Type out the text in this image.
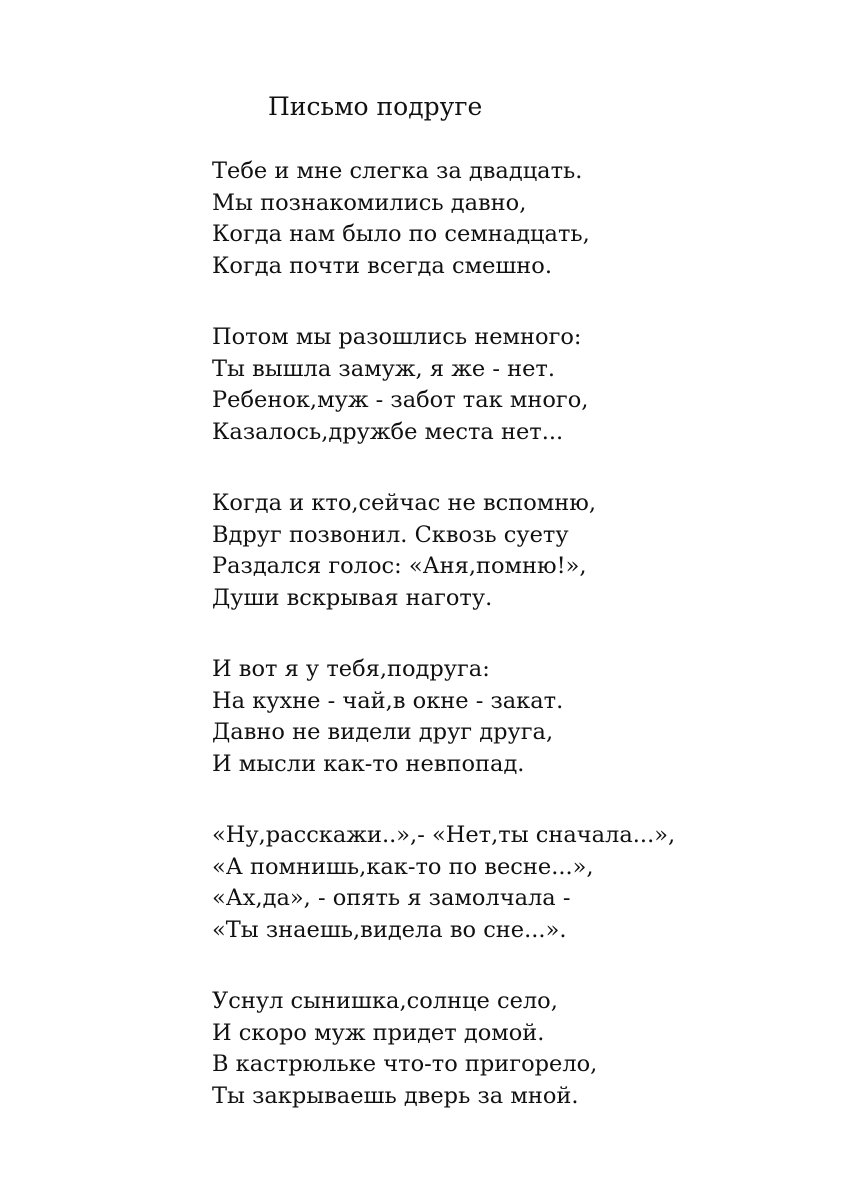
Письмо подруге
Тебе и мне слегка за двадцать.
Мы познакомились давно,
Когда нам было по семнадцать,
Когда почти всегда смешно.
Потом мы разошлись немного:
Ты вышла замуж, я же - нет.
Ребенок,муж - забот так много,
Казалось,дружбе места нет...
Когда и кто,сейчас не вспомню,
Вдруг позвонил. Сквозь суету
Раздался голос: «Аня,помню!»,
Души вскрывая наготу.
И вот я у тебя,подруга:
На кухне - чай,в окне - закат.
Давно не видели друг друга,
И мысли как-то невпопад.
«Ну,расскажи..»,- «Нет,ты сначала...»,
«А помнишь,как-то по весне...»,
«Ах,да», - опять я замолчала -
«Ты знаешь,видела во сне...».
Уснул сынишка,солнце село,
И скоро муж придет домой.
В кастрюльке что-то пригорело,
Ты закрываешь дверь за мной.
